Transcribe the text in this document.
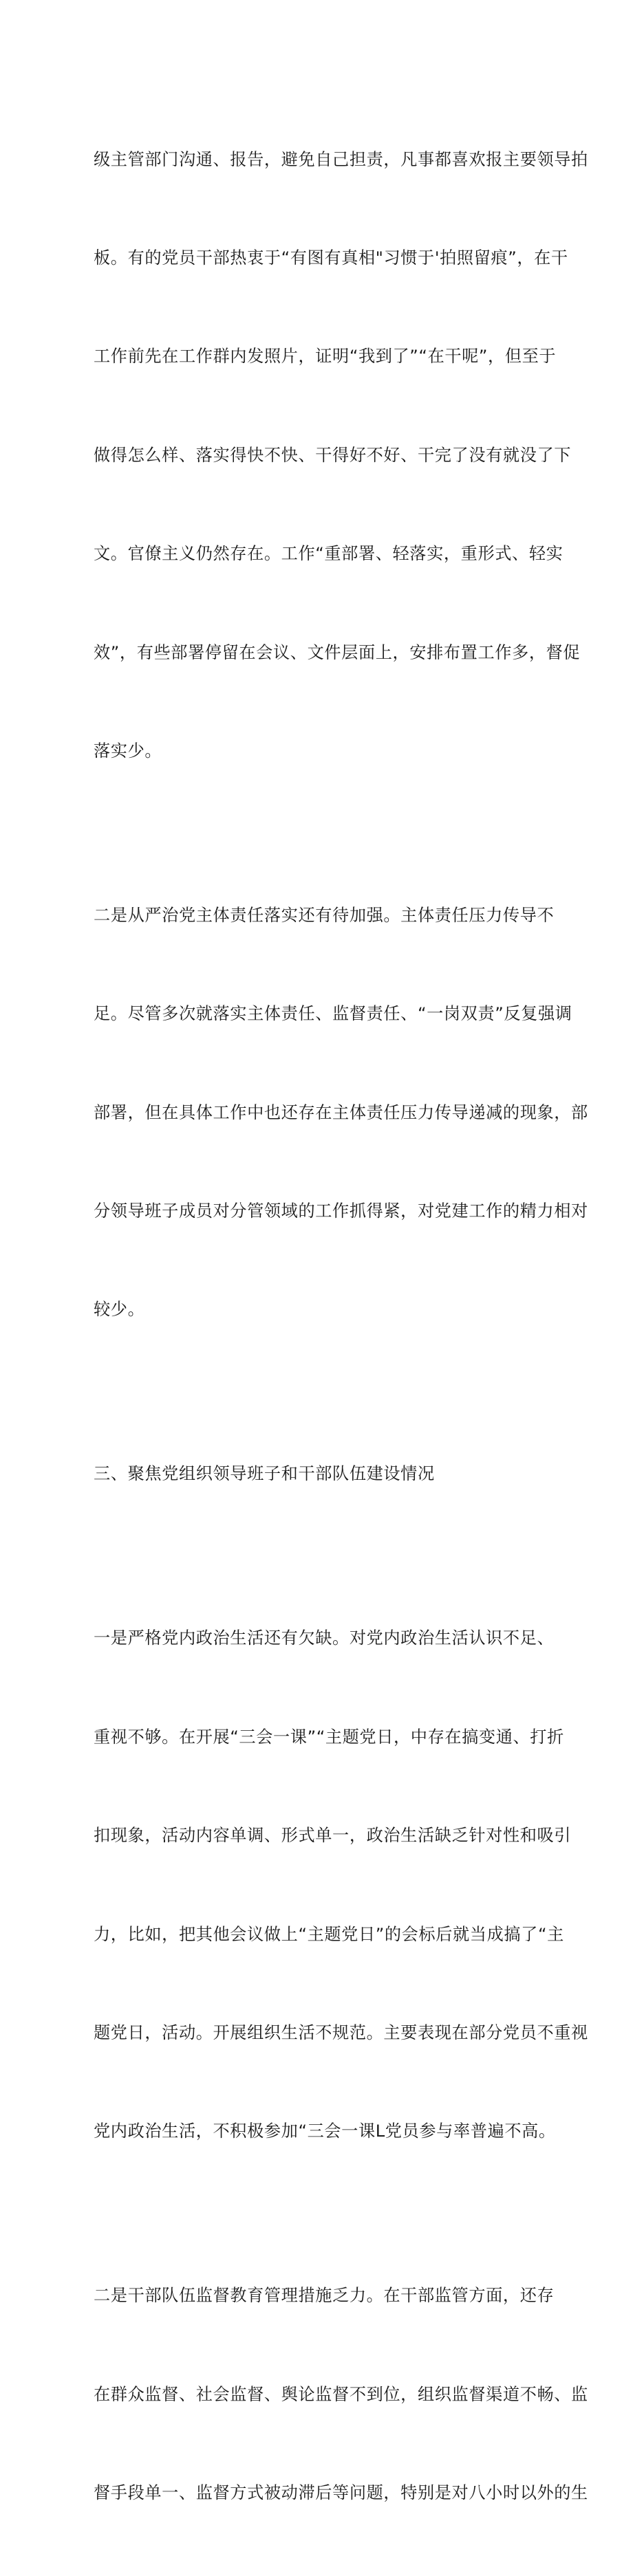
级主管部门沟通、报告，避免自己担责，凡事都喜欢报主要领导拍

板。有的党员干部热衷于“有图有真相"习惯于'拍照留痕”，在干

工作前先在工作群内发照片，证明“我到了”“在干呢”，但至于

做得怎么样、落实得快不快、干得好不好、干完了没有就没了下

文。官僚主义仍然存在。工作“重部署、轻落实，重形式、轻实

效”，有些部署停留在会议、文件层面上，安排布置工作多，督促

落实少。

二是从严治党主体责任落实还有待加强。主体责任压力传导不

足。尽管多次就落实主体责任、监督责任、“一岗双责”反复强调

部署，但在具体工作中也还存在主体责任压力传导递减的现象，部

分领导班子成员对分管领域的工作抓得紧，对党建工作的精力相对

较少。

三、聚焦党组织领导班子和干部队伍建设情况

一是严格党内政治生活还有欠缺。对党内政治生活认识不足、

重视不够。在开展“三会一课”“主题党日，中存在搞变通、打折

扣现象，活动内容单调、形式单一，政治生活缺乏针对性和吸引

力，比如，把其他会议做上“主题党日”的会标后就当成搞了“主

题党日，活动。开展组织生活不规范。主要表现在部分党员不重视

党内政治生活，不积极参加“三会一课L党员参与率普遍不高。

二是干部队伍监督教育管理措施乏力。在干部监管方面，还存

在群众监督、社会监督、舆论监督不到位，组织监督渠道不畅、监

督手段单一、监督方式被动滞后等问题，特别是对八小时以外的生
